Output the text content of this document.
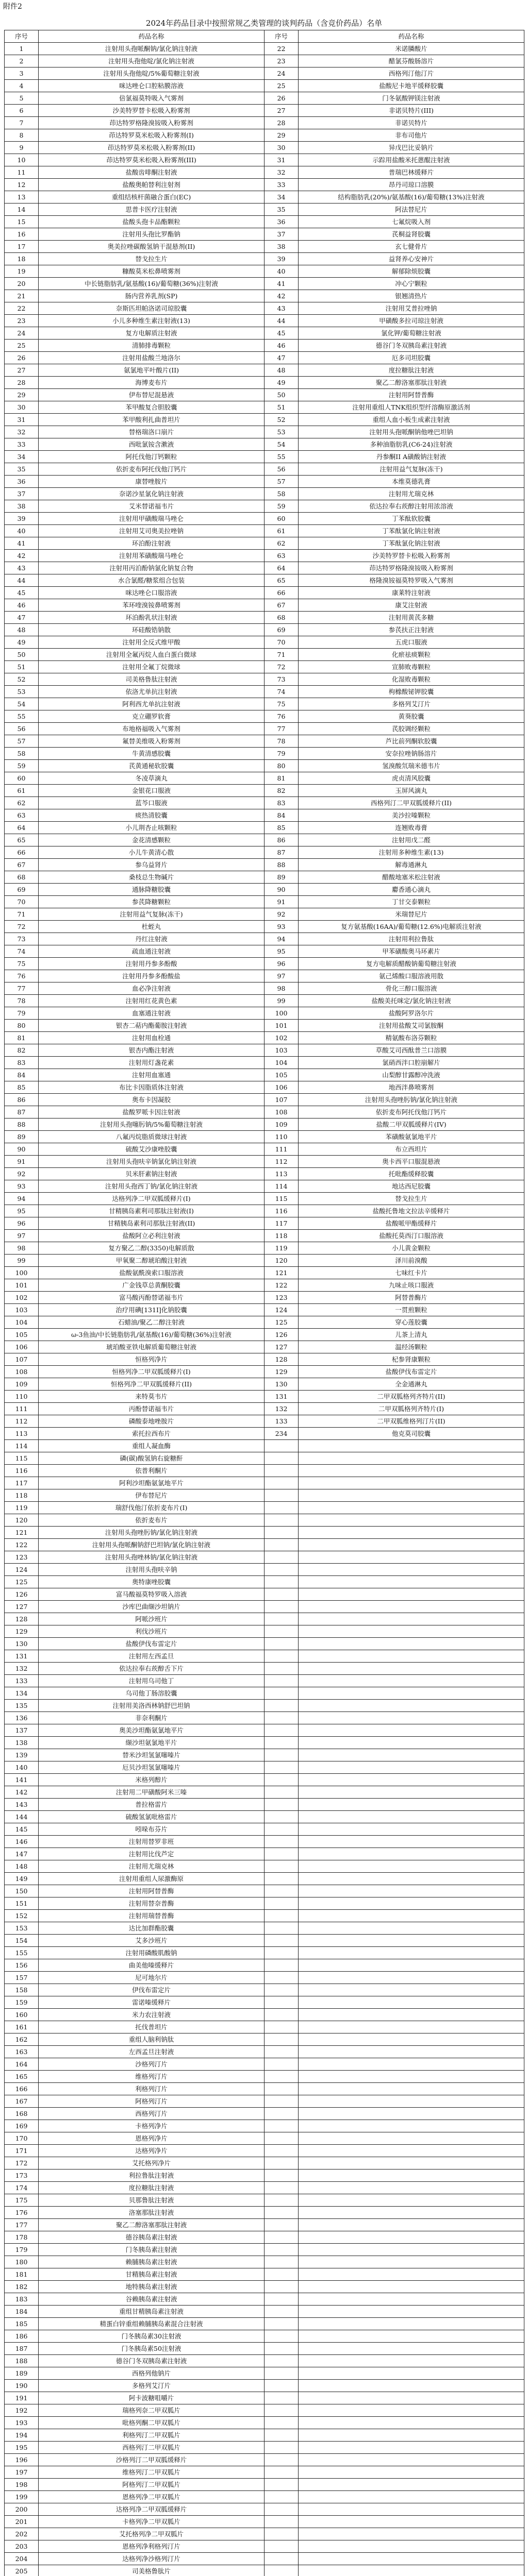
附件2
2024年药品目录中按照常规乙类管理的谈判药品（含竞价药品）名单
序号	药品名称	序号	药品名称
1	注射用头孢哌酮钠/氯化钠注射液	22	米诺膦酸片
2	注射用头孢他啶/氯化钠注射液	23	醋氯芬酸肠溶片
3	注射用头孢他啶/5%葡萄糖注射液	24	西格列汀他汀片
4	咪达唑仑口腔粘膜溶液	25	盐酸尼卡地平缓释胶囊
5	倍氯福莫特吸入气雾剂	26	门冬氨酸钾镁注射液
6	沙美特罗替卡松吸入粉雾剂	27	非诺贝特片(III)
7	茚达特罗格隆溴铵吸入粉雾剂	28	非诺贝特片
8	茚达特罗莫米松吸入粉雾剂(I)	29	非布司他片
9	茚达特罗莫米松吸入粉雾剂(II)	30	异戊巴比妥钠片
10	茚达特罗莫米松吸入粉雾剂(III)	31	示踪用盐酸米托蒽醌注射液
11	盐酸齿啡酮注射液	32	普瑞巴林缓释片
12	盐酸奥帕替利注射剂	33	昂丹司琼口溶膜
13	重组结核杆菌融合蛋白(EC)	34	结构脂肪乳(20%)/氨基酸(16)/葡萄糖(13%)注射液
14	思普卡医疗注射液	35	阿法替尼片
15	盐酸头孢卡品酯颗粒	36	七氟烷吸入剂
16	注射用头孢比罗酯钠	37	芪桐益肾胶囊
17	奥美拉唑碳酸氢钠干混悬剂(II)	38	玄七健骨片
18	替戈拉生片	39	益肾养心安神片
19	糠酸莫米松鼻喷雾剂	40	解郁除烦胶囊
20	中长链脂肪乳/氨基酸(16)/葡萄糖(36%)注射液	41	冲心宁颗粒
21	肠内营养乳剂(SP)	42	银翘清热片
22	奈斯匹坦帕洛诺司琼胶囊	43	注射用艾普拉唑钠
23	小儿多种维生素注射液(13)	44	甲磺酸多拉司琼注射液
24	复方电解质注射液	45	氯化钾/葡萄糖注射液
25	清肺排毒颗粒	46	德谷门冬双胰岛素注射液
26	注射用盐酸兰地洛尔	47	厄多司坦胶囊
27	氨氯地平叶酸片(II)	48	度拉糖肽注射液
28	海博麦布片	49	聚乙二醇洛塞那肽注射液
29	伊布替尼混悬液	50	注射用阿替普酶
30	苯甲酸复合胆胶囊	51	注射用重组人TNK组织型纤溶酶原激活剂
31	苯甲酸利扎曲普坦片	52	重组人血小板生成素注射液
32	替格瑞洛口崩片	53	注射用头孢哌酮钠他唑巴坦钠
33	西吡氯铵含漱液	54	多种油脂肪乳(C6-24)注射液
34	阿托伐他汀钙颗粒	55	丹参酮II A磺酸钠注射液
35	依折麦布阿托伐他汀钙片	56	注射用益气复脉(冻干)
36	康替唑胺片	57	本维莫德乳膏
37	奈诺沙星氯化钠注射液	58	注射用尤瑞克林
38	艾米替诺福韦片	59	依达拉奉右莰醇注射用浓溶液
39	注射用甲磺酸瑞马唑仑	60	丁苯酞软胶囊
40	注射用艾司奥美拉唑钠	61	丁苯酞氯化钠注射液
41	环泊酚注射液	62	丁苯酞氯化钠注射液
42	注射用苯磺酸瑞马唑仑	63	沙美特罗替卡松吸入粉雾剂
43	注射用丙泊酚钠氯化钠复合物	64	茚达特罗格隆溴铵吸入粉雾剂
44	水合氯醛/糖浆组合包装	65	格隆溴铵福莫特罗吸入气雾剂
45	咪达唑仑口服溶液	66	康莱特注射液
46	苯环喹溴铵鼻喷雾剂	67	康艾注射液
47	环泊酚乳状注射液	68	注射用黄芪多糖
48	环硅酸锆钠散	69	参芪扶正注射液
49	注射用全反式维甲酸	70	五虎口服液
50	注射用全氟丙烷人血白蛋白微球	71	化瘀祛痰颗粒
51	注射用全氟丁烷微球	72	宣肺败毒颗粒
52	司美格鲁肽注射液	73	化湿败毒颗粒
53	依洛尤单抗注射液	74	枸橼酸铋钾胶囊
54	阿利西尤单抗注射液	75	多格列艾汀片
55	克立硼罗软膏	76	黄葵胶囊
56	布地格福吸入气雾剂	77	芪胶调经颗粒
57	氟替美维吸入粉雾剂	78	芦比前列酮软胶囊
58	牛黄清感胶囊	79	安奈拉唑钠肠溶片
59	芪黄通秘软胶囊	80	氢溴酸氘瑞米德韦片
60	冬凌草滴丸	81	虎贞清风胶囊
61	金银花口服液	82	玉屏风滴丸
62	蓝芩口服液	83	西格列汀二甲双胍缓释片(II)
63	痰热清胶囊	84	美沙拉嗪颗粒
64	小儿荆杏止咳颗粒	85	连翘败毒膏
65	金花清感颗粒	86	注射用戊二醛
66	小儿牛黄清心散	87	注射用多种维生素(13)
67	参乌益肾片	88	解毒通淋丸
68	桑枝总生物碱片	89	醋酸地塞米松注射液
69	通脉降糖胶囊	90	麝香通心滴丸
70	参芪降糖颗粒	91	丁甘交泰颗粒
71	注射用益气复脉(冻干)	92	米瑞替尼片
72	杜蛭丸	93	复方氨基酸(16AA)/葡萄糖(12.6%)电解质注射液
73	丹红注射液	94	注射用利拉鲁肽
74	疏血通注射液	95	甲苯磺酸奥马环素片
75	注射用丹参多酚酸	96	复方电解质醋酸钠葡萄糖注射液
76	注射用丹参多酚酸盐	97	氨己烯酸口服溶液用散
77	血必净注射液	98	骨化三醇口服溶液
78	注射用红花黄色素	99	盐酸美托咪定/氯化钠注射液
79	血塞通注射液	100	盐酸阿罗洛尔片
80	银杏二萜内酯葡胺注射液	101	注射用盐酸艾司氯胺酮
81	注射用血栓通	102	精氨酸布洛芬颗粒
82	银杏内酯注射液	103	草酸艾司西酞普兰口溶膜
83	注射用灯盏花素	104	氯硝西泮口腔崩解片
84	注射用血塞通	105	山梨醇甘露醇冲洗液
85	布比卡因脂质体注射液	106	地西泮鼻喷雾剂
86	奥布卡因凝胶	107	注射用头孢唑肟钠/氯化钠注射液
87	盐酸罗哌卡因注射液	108	依折麦布阿托伐他汀钙片
88	注射用头孢噻肟钠/5%葡萄糖注射液	109	盐酸二甲双胍缓释片(IV)
89	八氟丙烷脂质微球注射液	110	苯磺酸氨氯地平片
90	硫酸艾沙康唑胶囊	111	布立西坦片
91	注射用头孢呋辛钠氯化钠注射液	112	奥卡西平口服混悬液
92	贝米肝素钠注射液	113	托吡酯缓释胶囊
93	注射用头孢西丁钠/氯化钠注射液	114	地达西尼胶囊
94	达格列净二甲双胍缓释片(I)	115	替戈拉生片
95	甘精胰岛素利司那肽注射液(I)	116	盐酸托鲁地文拉法辛缓释片
96	甘精胰岛素利司那肽注射液(II)	117	盐酸哌甲酯缓释片
97	盐酸阿立必利注射液	118	盐酸托莫西汀口服溶液
98	复方聚乙二醇(3350)电解质散	119	小儿黄金颗粒
99	甲氧聚二醇琥珀酸注射液	120	泽川前溴酸
100	盐酸氨酰溴索口服溶液	121	七味红卡片
101	广金钱草总黄酮胶囊	122	九味止咳口服液
102	富马酸丙酚替诺福韦片	123	阿替普酶片
103	治疗用碘[131I]化钠胶囊	124	一贯煎颗粒
104	石蜡油/聚乙二醇注射液	125	穿心莲胶囊
105	ω-3鱼油/中长链脂肪乳/氨基酸(16)/葡萄糖(36%)注射液	126	儿茶上清丸
106	琥珀酸亚铁电解质葡萄糖注射液	127	温经汤颗粒
107	恒格列净片	128	杞参肾康颗粒
108	恒格列净二甲双胍缓释片(I)	129	盐酸伊伐布雷定片
109	恒格列净二甲双胍缓释片(II)	130	全金通淋丸
110	来特莫韦片	131	二甲双胍格列齐特片(II)
111	丙酚替诺福韦片	132	二甲双胍格列齐特片(I)
112	磷酸泰地唑胺片	133	二甲双胍维格列汀片(II)
113	索托拉西布片	234	他克莫司胶囊
114	重组人凝血酶		
115	磷(碳)酸氢钠右旋糖酐		
116	依普利酮片		
117	阿利沙坦酯氨氯地平片		
118	伊布替尼片		
119	瑞舒伐他汀依折麦布片(I)		
120	依折麦布片		
121	注射用头孢唑肟钠/氯化钠注射液		
122	注射用头孢哌酮钠舒巴坦钠/氯化钠注射液		
123	注射用头孢唑林钠/氯化钠注射液		
124	注射用头孢呋辛钠		
125	奥特康唑胶囊		
126	富马酸福莫特罗吸入溶液		
127	沙库巴曲缬沙坦钠片		
128	阿哌沙班片		
129	利伐沙班片		
130	盐酸伊伐布雷定片		
131	注射用左西孟旦		
132	依达拉奉右莰醇舌下片		
133	注射用乌司他丁		
134	乌司他丁肠溶胶囊		
135	注射用美洛西林钠舒巴坦钠		
136	非奈利酮片		
137	奥美沙坦酯氨氯地平片		
138	缬沙坦氨氯地平片		
139	替米沙坦氢氯噻嗪片		
140	厄贝沙坦氢氯噻嗪片		
141	米格列醇片		
142	注射用二甲磺酸阿米三嗪		
143	普拉格雷片		
144	硫酸氢氯吡格雷片		
145	吲哚布芬片		
146	注射用替罗非班		
147	注射用比伐芦定		
148	注射用尤瑞克林		
149	注射用重组人尿激酶原		
150	注射用阿替普酶		
151	注射用替奈普酶		
152	注射用瑞替普酶		
153	达比加群酯胶囊		
154	艾多沙班片		
155	注射用磷酸肌酸钠		
156	曲美他嗪缓释片		
157	尼可地尔片		
158	伊伐布雷定片		
159	雷诺嗪缓释片		
160	米力农注射液		
161	托伐普坦片		
162	重组人脑利钠肽		
163	左西孟旦注射液		
164	沙格列汀片		
165	维格列汀片		
166	利格列汀片		
167	阿格列汀片		
168	西格列汀片		
169	卡格列净片		
170	恩格列净片		
171	达格列净片		
172	艾托格列净片		
173	利拉鲁肽注射液		
174	度拉糖肽注射液		
175	贝那鲁肽注射液		
176	洛塞那肽注射液		
177	聚乙二醇洛塞那肽注射液		
178	德谷胰岛素注射液		
179	门冬胰岛素注射液		
180	赖脯胰岛素注射液		
181	甘精胰岛素注射液		
182	地特胰岛素注射液		
183	谷赖胰岛素注射液		
184	重组甘精胰岛素注射液		
185	精蛋白锌重组赖脯胰岛素混合注射液		
186	门冬胰岛素30注射液		
187	门冬胰岛素50注射液		
188	德谷门冬双胰岛素注射液		
189	西格列他钠片		
190	多格列艾汀片		
191	阿卡波糖咀嚼片		
192	瑞格列奈二甲双胍片		
193	吡格列酮二甲双胍片		
194	利格列汀二甲双胍片		
195	西格列汀二甲双胍片		
196	沙格列汀二甲双胍缓释片		
197	维格列汀二甲双胍片		
198	阿格列汀二甲双胍片		
199	恩格列净二甲双胍片		
200	达格列净二甲双胍缓释片		
201	卡格列净二甲双胍片		
202	艾托格列净二甲双胍片		
203	恩格列净利格列汀片		
204	达格列净沙格列汀片		
205	司美格鲁肽片		
